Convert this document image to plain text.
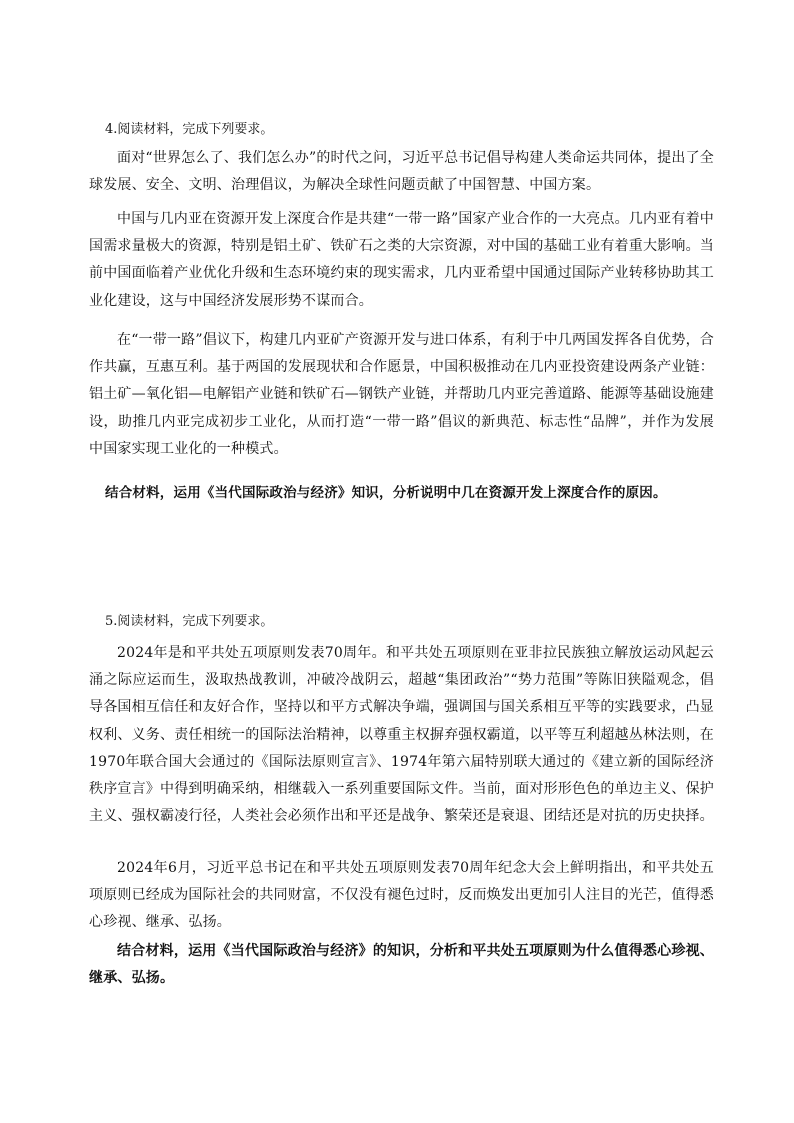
4.阅读材料，完成下列要求。

面对“世界怎么了、我们怎么办”的时代之问，习近平总书记倡导构建人类命运共同体，提出了全球发展、安全、文明、治理倡议，为解决全球性问题贡献了中国智慧、中国方案。

中国与几内亚在资源开发上深度合作是共建“一带一路”国家产业合作的一大亮点。几内亚有着中国需求量极大的资源，特别是铝土矿、铁矿石之类的大宗资源，对中国的基础工业有着重大影响。当前中国面临着产业优化升级和生态环境约束的现实需求，几内亚希望中国通过国际产业转移协助其工业化建设，这与中国经济发展形势不谋而合。

在“一带一路”倡议下，构建几内亚矿产资源开发与进口体系，有利于中几两国发挥各自优势，合作共赢，互惠互利。基于两国的发展现状和合作愿景，中国积极推动在几内亚投资建设两条产业链：铝土矿—氧化铝—电解铝产业链和铁矿石—钢铁产业链，并帮助几内亚完善道路、能源等基础设施建设，助推几内亚完成初步工业化，从而打造“一带一路”倡议的新典范、标志性“品牌”，并作为发展中国家实现工业化的一种模式。

结合材料，运用《当代国际政治与经济》知识，分析说明中几在资源开发上深度合作的原因。
5.阅读材料，完成下列要求。

2024年是和平共处五项原则发表70周年。和平共处五项原则在亚非拉民族独立解放运动风起云涌之际应运而生，汲取热战教训，冲破冷战阴云，超越“集团政治”“势力范围”等陈旧狭隘观念，倡导各国相互信任和友好合作，坚持以和平方式解决争端，强调国与国关系相互平等的实践要求，凸显权利、义务、责任相统一的国际法治精神，以尊重主权摒弃强权霸道，以平等互利超越丛林法则，在1970年联合国大会通过的《国际法原则宣言》、1974年第六届特别联大通过的《建立新的国际经济秩序宣言》中得到明确采纳，相继载入一系列重要国际文件。当前，面对形形色色的单边主义、保护主义、强权霸凌行径，人类社会必须作出和平还是战争、繁荣还是衰退、团结还是对抗的历史抉择。

2024年6月，习近平总书记在和平共处五项原则发表70周年纪念大会上鲜明指出，和平共处五项原则已经成为国际社会的共同财富，不仅没有褪色过时，反而焕发出更加引人注目的光芒，值得悉心珍视、继承、弘扬。

结合材料，运用《当代国际政治与经济》的知识，分析和平共处五项原则为什么值得悉心珍视、继承、弘扬。
